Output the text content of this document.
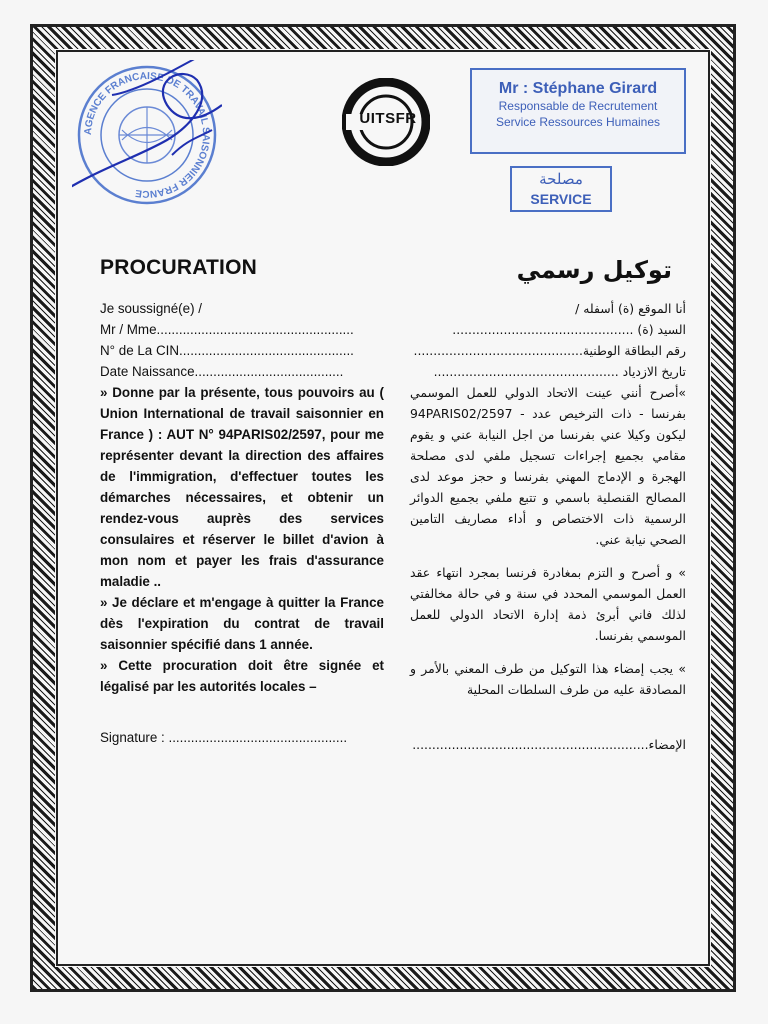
AGENCE FRANCAISE DE TRAVAIL SAISONNIER FRANCE
UITSFR
Mr : Stéphane Girard
Responsable de Recrutement
Service Ressources Humaines
مصلحة
SERVICE
PROCURATION	توكيل رسمي
Je soussigné(e) /
Mr / Mme.....................................................
N° de La CIN...............................................
Date Naissance........................................
» Donne par la présente, tous pouvoirs au ( Union International de travail saisonnier en France ) : AUT N° 94PARIS02/2597, pour me représenter devant la direction des affaires de l'immigration, d'effectuer toutes les démarches nécessaires, et obtenir un rendez-vous auprès des services consulaires et réserver le billet d'avion à mon nom et payer les frais d'assurance maladie ..
» Je déclare et m'engage à quitter la France dès l'expiration du contrat de travail saisonnier spécifié dans 1 année.
» Cette procuration doit être signée et légalisé par les autorités locales –
Signature : ................................................
أنا الموقع (ة) أسفله /
السيد (ة) ..............................................
رقم البطاقة الوطنية...........................................
تاريخ الازدياد ...............................................
»أصرح أنني عينت الاتحاد الدولي للعمل الموسمي بفرنسا - ذات الترخيص عدد - 94PARIS02/2597 ليكون وكيلا عني بفرنسا من اجل النيابة عني و يقوم مقامي بجميع إجراءات تسجيل ملفي لدى مصلحة الهجرة و الإدماج المهني بفرنسا و حجز موعد لدى المصالح القنصلية باسمي و تتبع ملفي بجميع الدوائر الرسمية ذات الاختصاص و أداء مصاريف التامين الصحي نيابة عني.
» و أصرح و التزم بمغادرة فرنسا بمجرد انتهاء عقد العمل الموسمي المحدد في سنة و في حالة مخالفتي لذلك فاني أبرئ ذمة إدارة الاتحاد الدولي للعمل الموسمي بفرنسا.
» يجب إمضاء هذا التوكيل من طرف المعني بالأمر و المصادقة عليه من طرف السلطات المحلية
الإمضاء............................................................
